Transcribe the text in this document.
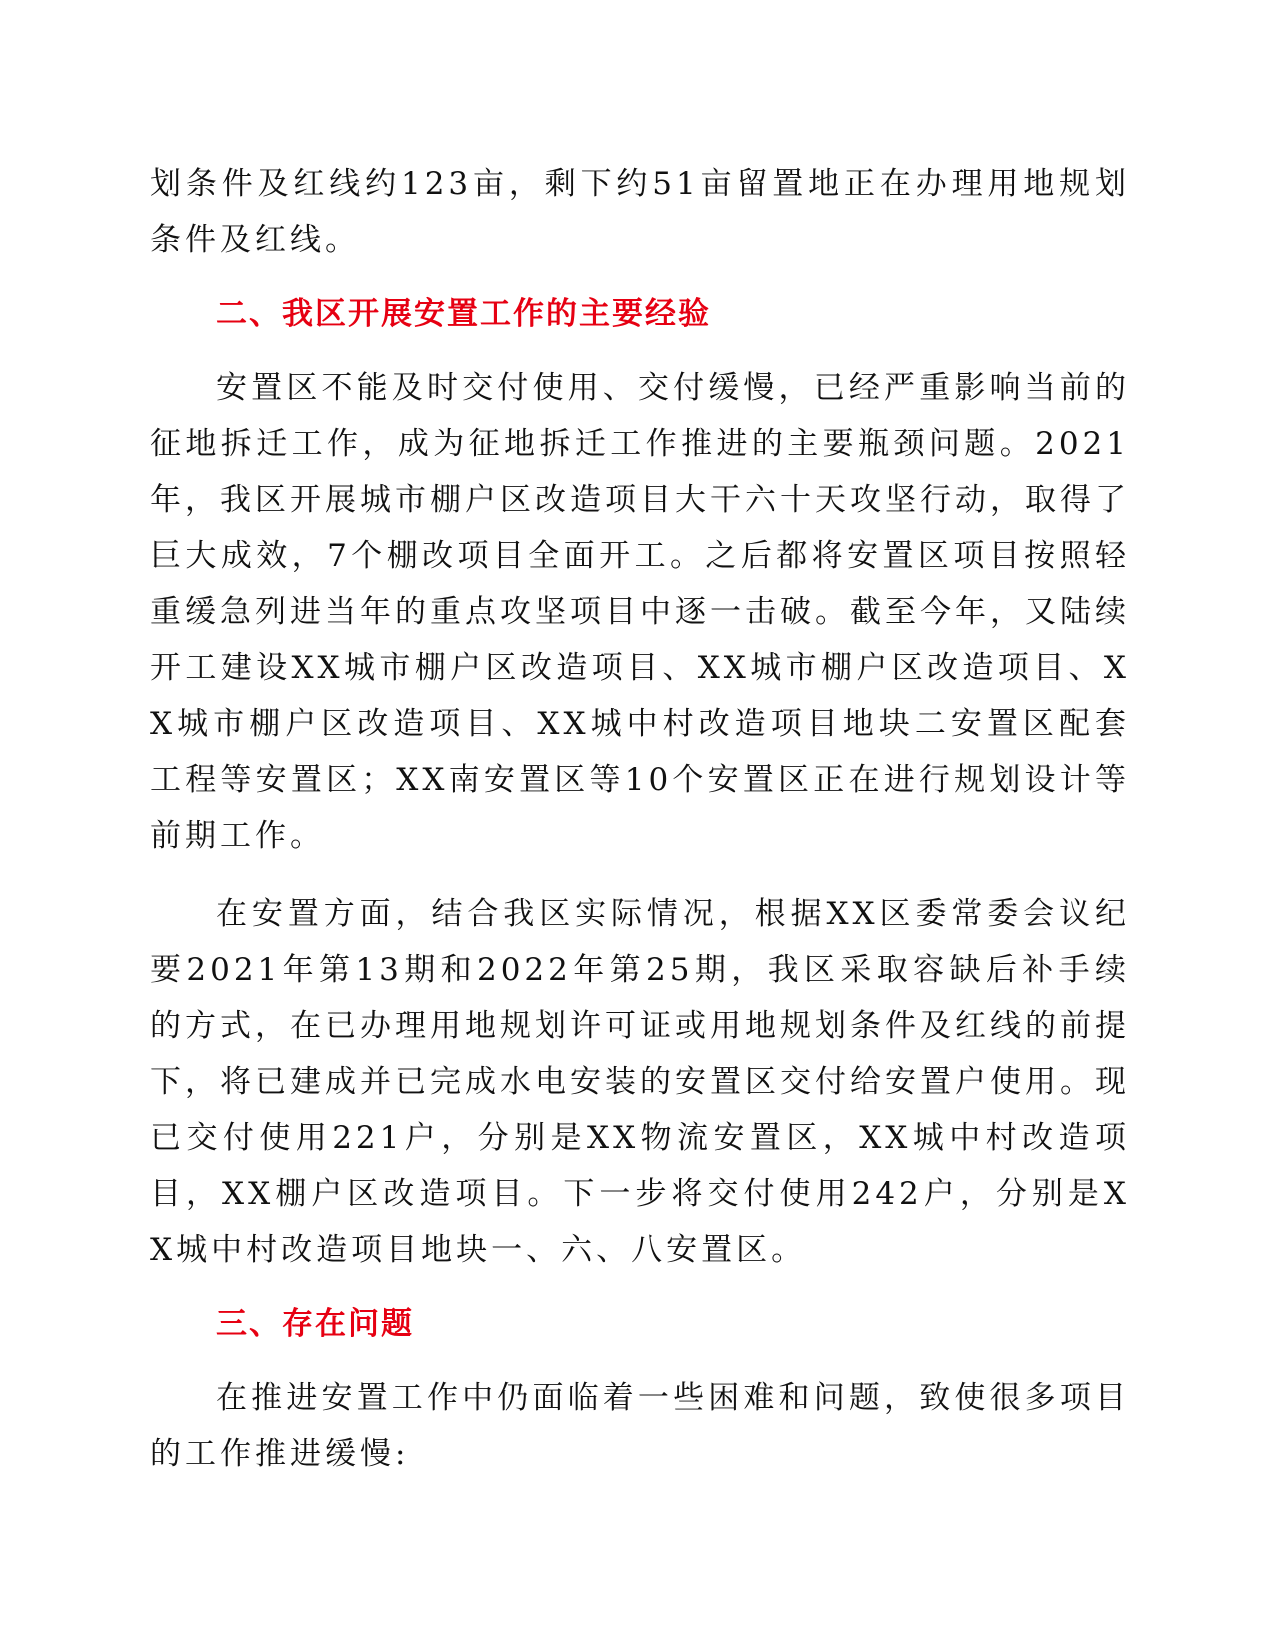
划条件及红线约123亩，剩下约51亩留置地正在办理用地规划条件及红线。

二、我区开展安置工作的主要经验

安置区不能及时交付使用、交付缓慢，已经严重影响当前的征地拆迁工作，成为征地拆迁工作推进的主要瓶颈问题。2021年，我区开展城市棚户区改造项目大干六十天攻坚行动，取得了巨大成效，7个棚改项目全面开工。之后都将安置区项目按照轻重缓急列进当年的重点攻坚项目中逐一击破。截至今年，又陆续开工建设XX城市棚户区改造项目、XX城市棚户区改造项目、XX城市棚户区改造项目、XX城中村改造项目地块二安置区配套工程等安置区；XX南安置区等10个安置区正在进行规划设计等前期工作。

在安置方面，结合我区实际情况，根据XX区委常委会议纪要2021年第13期和2022年第25期，我区采取容缺后补手续的方式，在已办理用地规划许可证或用地规划条件及红线的前提下，将已建成并已完成水电安装的安置区交付给安置户使用。现已交付使用221户，分别是XX物流安置区，XX城中村改造项目，XX棚户区改造项目。下一步将交付使用242户，分别是XX城中村改造项目地块一、六、八安置区。

三、存在问题

在推进安置工作中仍面临着一些困难和问题，致使很多项目的工作推进缓慢:
